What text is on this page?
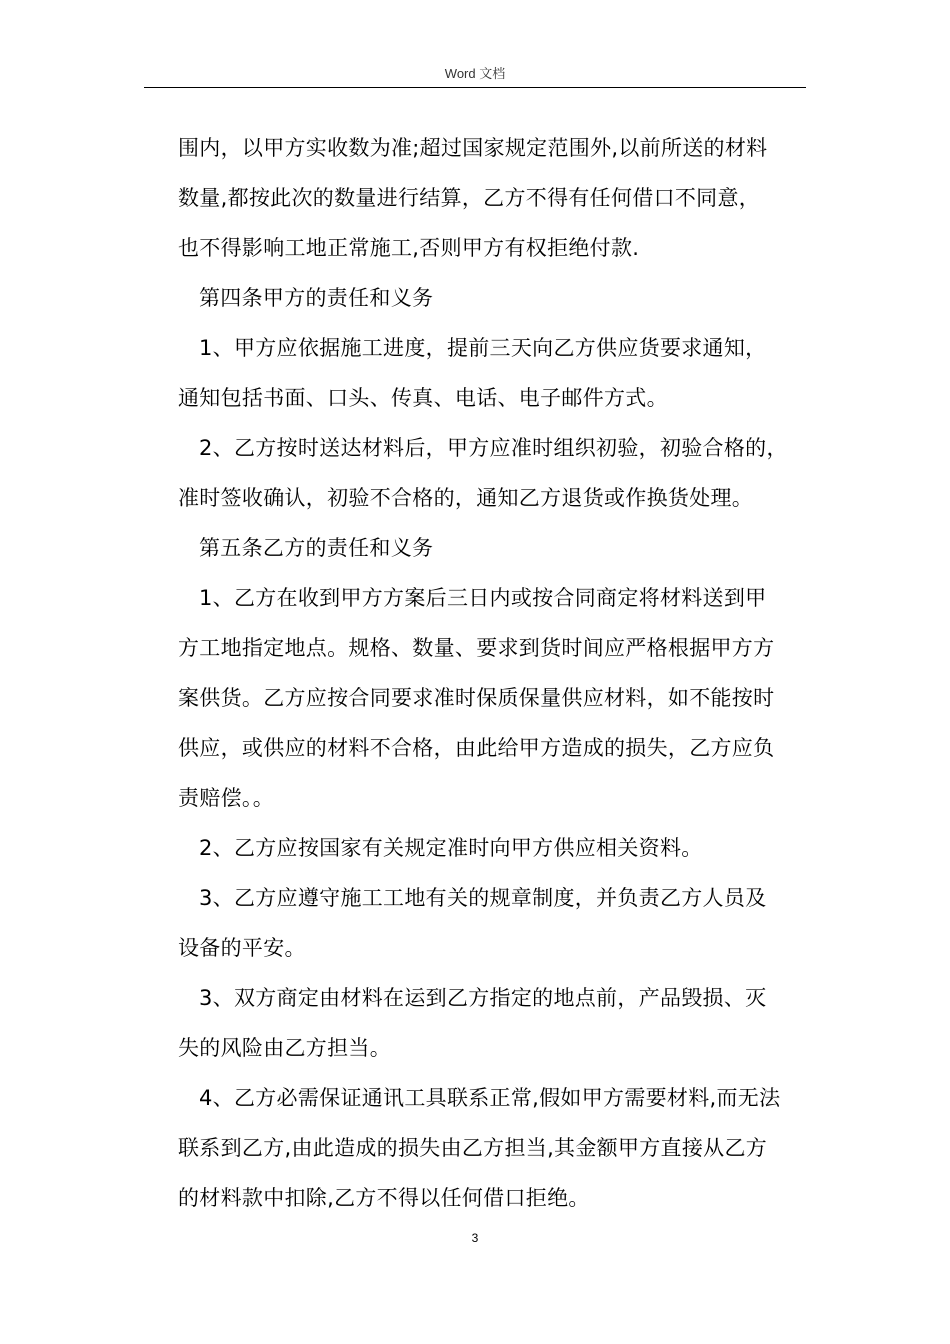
Word 文档

围内，以甲方实收数为准;超过国家规定范围外,以前所送的材料
数量,都按此次的数量进行结算，乙方不得有任何借口不同意，
也不得影响工地正常施工,否则甲方有权拒绝付款.

第四条甲方的责任和义务

1、甲方应依据施工进度，提前三天向乙方供应货要求通知，
通知包括书面、口头、传真、电话、电子邮件方式。

2、乙方按时送达材料后，甲方应准时组织初验，初验合格的，
准时签收确认，初验不合格的，通知乙方退货或作换货处理。

第五条乙方的责任和义务

1、乙方在收到甲方方案后三日内或按合同商定将材料送到甲
方工地指定地点。规格、数量、要求到货时间应严格根据甲方方
案供货。乙方应按合同要求准时保质保量供应材料，如不能按时
供应，或供应的材料不合格，由此给甲方造成的损失，乙方应负
责赔偿。。

2、乙方应按国家有关规定准时向甲方供应相关资料。

3、乙方应遵守施工工地有关的规章制度，并负责乙方人员及
设备的平安。

3、双方商定由材料在运到乙方指定的地点前，产品毁损、灭
失的风险由乙方担当。

4、乙方必需保证通讯工具联系正常,假如甲方需要材料,而无法
联系到乙方,由此造成的损失由乙方担当,其金额甲方直接从乙方
的材料款中扣除,乙方不得以任何借口拒绝。

3
